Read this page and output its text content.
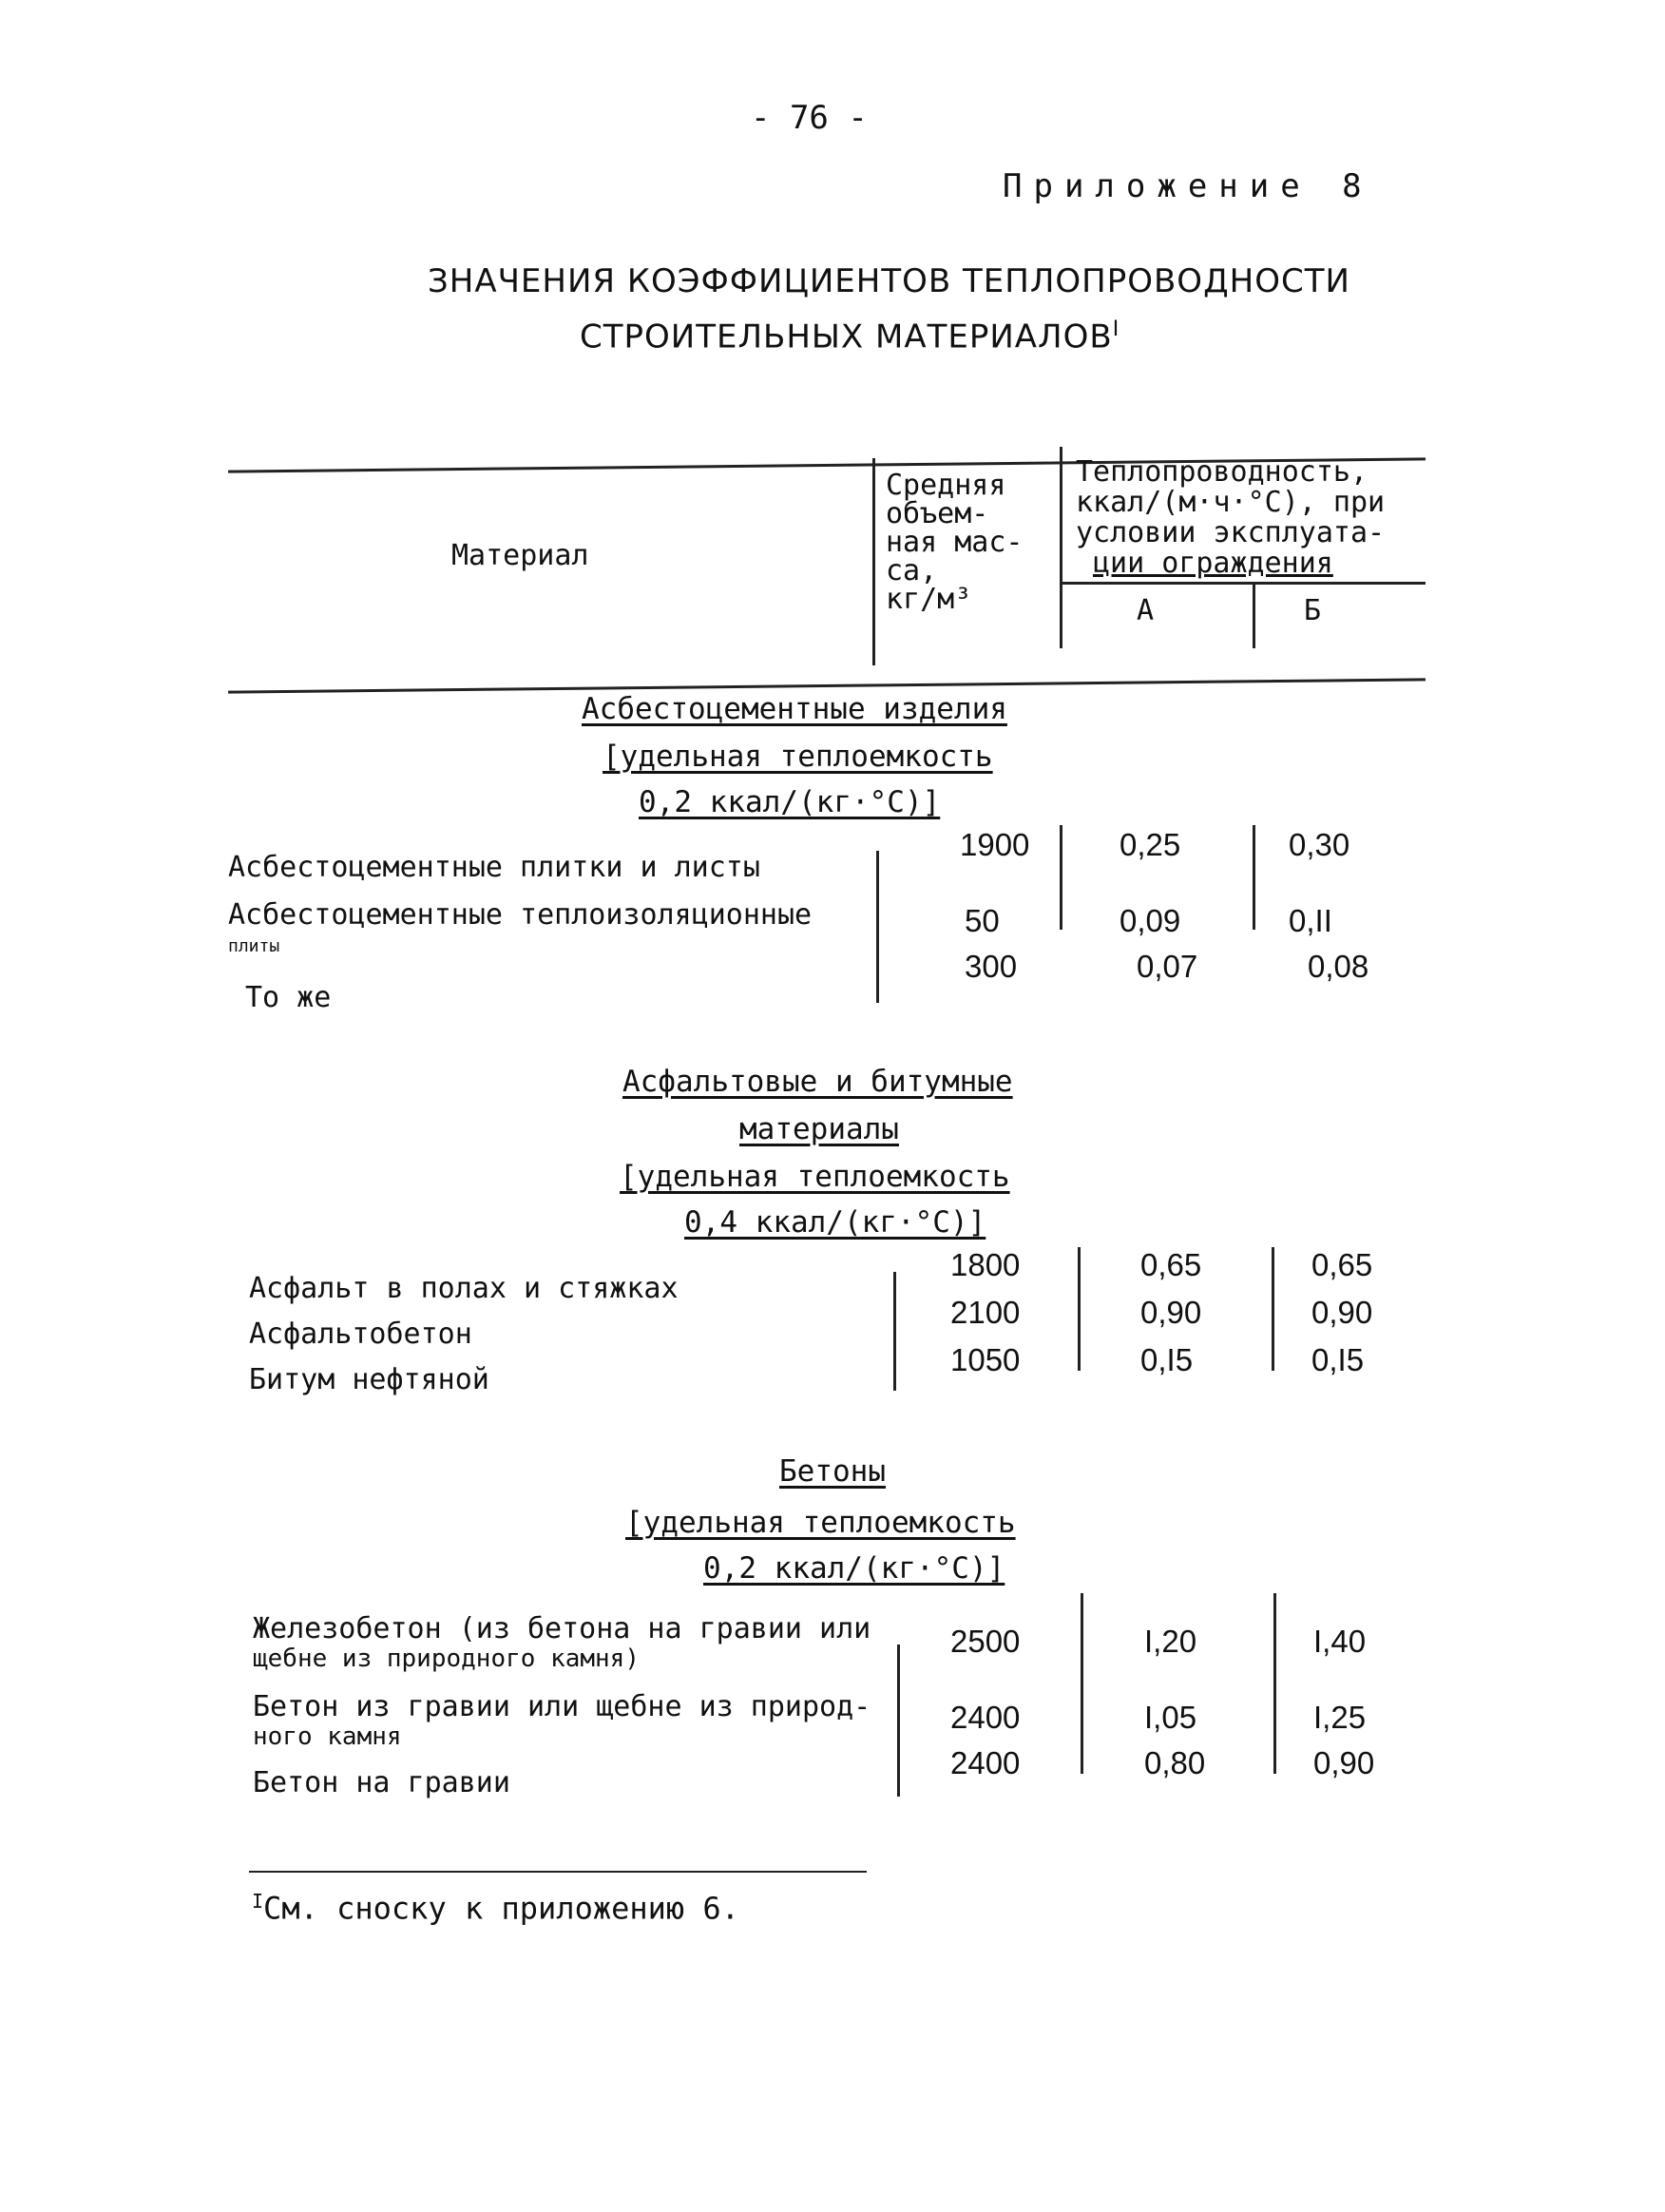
- 76 -
Приложение 8
ЗНАЧЕНИЯ КОЭФФИЦИЕНТОВ ТЕПЛОПРОВОДНОСТИ
СТРОИТЕЛЬНЫХ $МАТЕРИАЛОВ^I$
Материал
Средняя
объем-
ная мас-
са,
кг/м³
Теплопроводность,
ккал/(м·ч·°С), при
условии эксплуата-
ции ограждения
А	Б
Асбестоцементные изделия
[удельная теплоемкость
0,2 ккал/(кг·°С)]
Асбестоцементные плитки и листы
Асбестоцементные теплоизоляционные
плиты
То же
1900
50
300
0,25
0,09
0,07
0,30
0,II
0,08
Асфальтовые и битумные
материалы
[удельная теплоемкость
0,4 ккал/(кг·°С)]
Асфальт в полах и стяжках
Асфальтобетон
Битум нефтяной
1800
2100
1050
0,65
0,90
0,I5
0,65
0,90
0,I5
Бетоны
[удельная теплоемкость
0,2 ккал/(кг·°С)]
Железобетон (из бетона на гравии или
щебне из природного камня)
Бетон из гравии или щебне из природ-
ного камня
Бетон на гравии
2500
2400
2400
I,20
I,05
0,80
I,40
I,25
0,90
$^I$См. сноску к приложению 6.
